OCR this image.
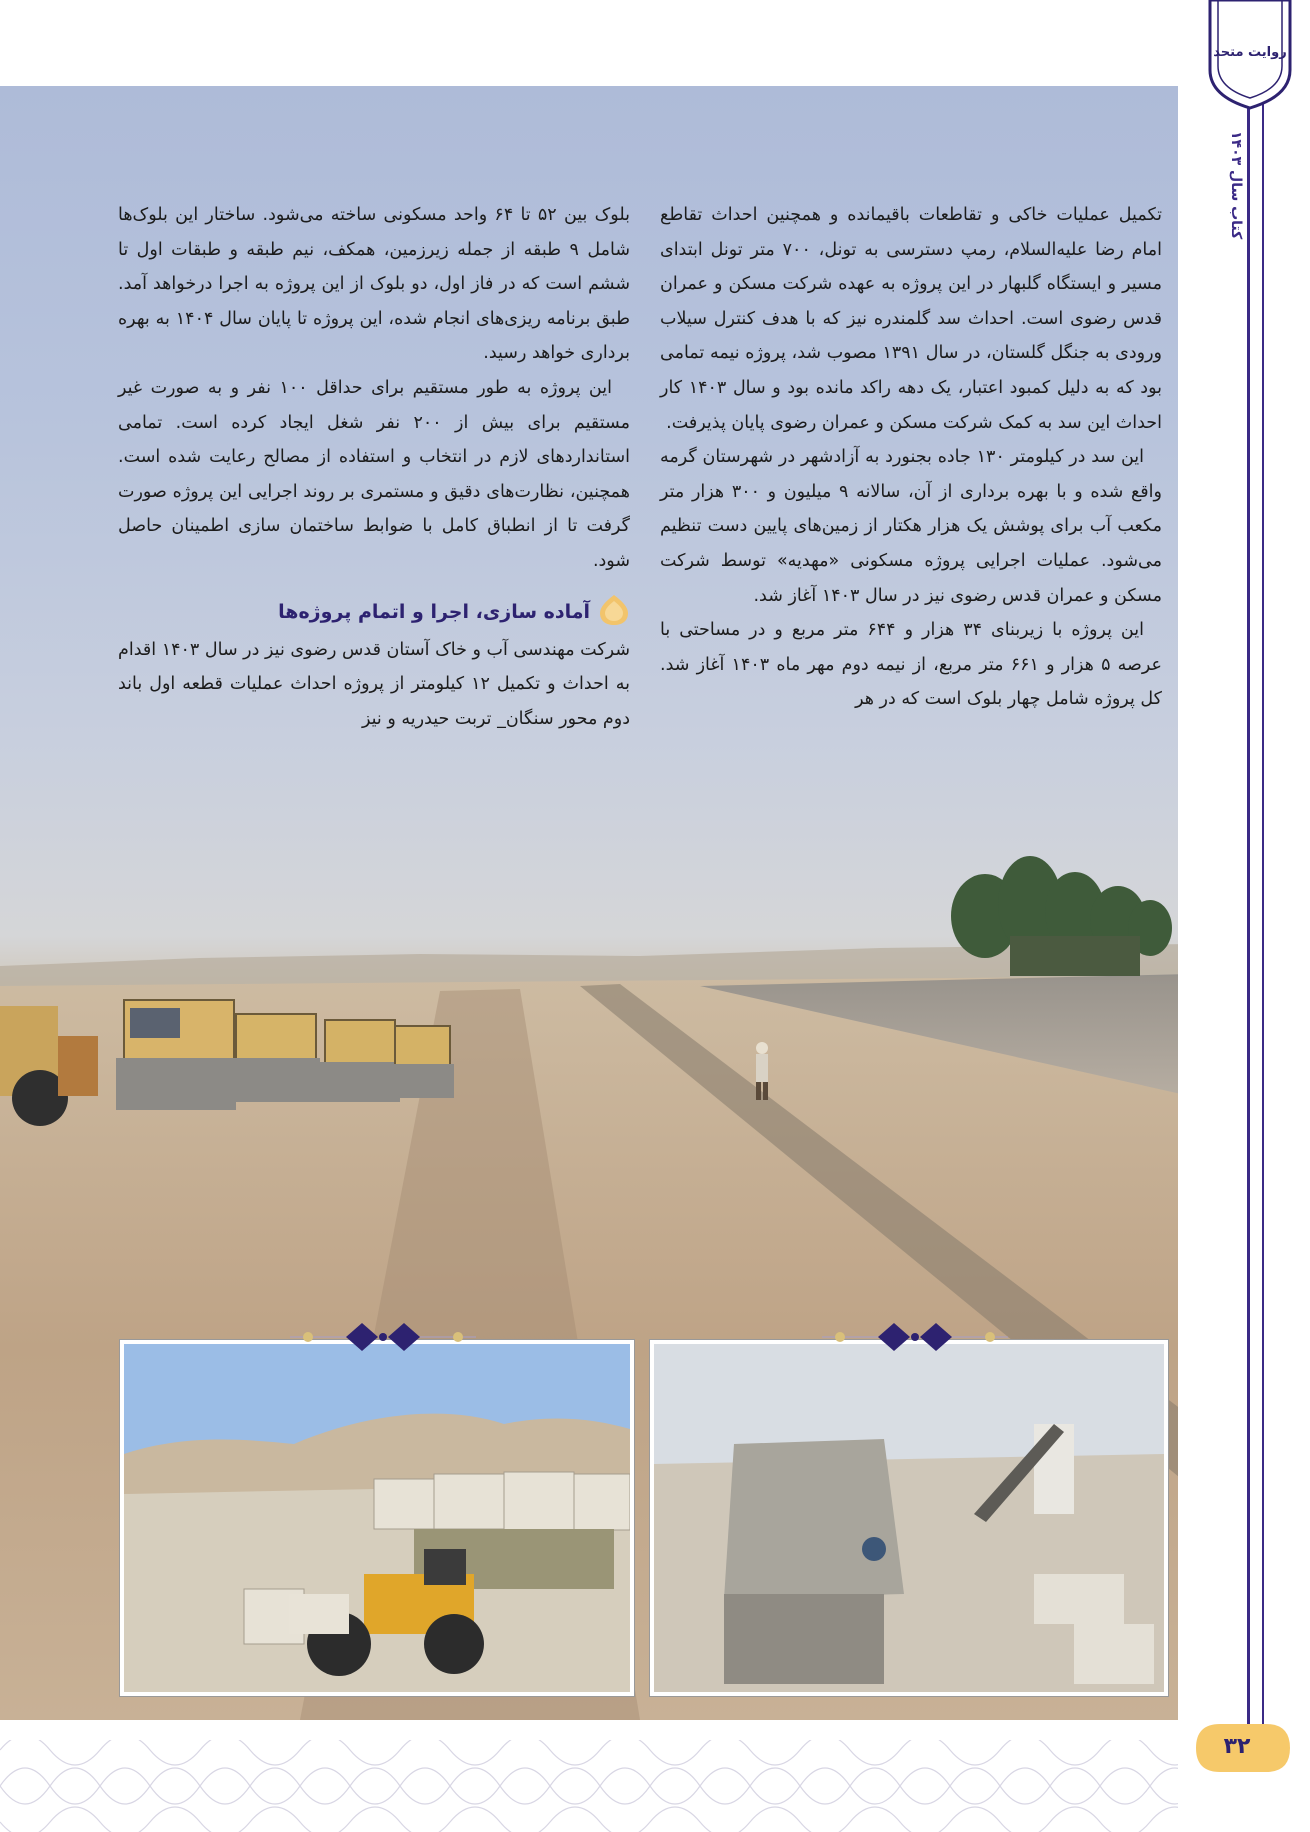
تکمیل عملیات خاکی و تقاطعات باقیمانده و همچنین احداث تقاطع امام رضا علیه‌السلام، رمپ دسترسی به تونل، ۷۰۰ متر تونل ابتدای مسیر و ایستگاه گلبهار در این پروژه به عهده شرکت مسکن و عمران قدس رضوی است. احداث سد گلمندره نیز که با هدف کنترل سیلاب ورودی به جنگل گلستان، در سال ۱۳۹۱ مصوب شد، پروژه نیمه تمامی بود که به دلیل کمبود اعتبار، یک دهه راکد مانده بود و سال ۱۴۰۳ کار احداث این سد به کمک شرکت مسکن و عمران رضوی پایان پذیرفت.

این سد در کیلومتر ۱۳۰ جاده بجنورد به آزادشهر در شهرستان گرمه واقع شده و با بهره برداری از آن، سالانه ۹ میلیون و ۳۰۰ هزار متر مکعب آب برای پوشش یک هزار هکتار از زمین‌های پایین دست تنظیم می‌شود. عملیات اجرایی پروژه مسکونی «مهدیه» توسط شرکت مسکن و عمران قدس رضوی نیز در سال ۱۴۰۳ آغاز شد.

این پروژه با زیربنای ۳۴ هزار و ۶۴۴ متر مربع و در مساحتی با عرصه ۵ هزار و ۶۶۱ متر مربع، از نیمه دوم مهر ماه ۱۴۰۳ آغاز شد. کل پروژه شامل چهار بلوک است که در هر

بلوک بین ۵۲ تا ۶۴ واحد مسکونی ساخته می‌شود. ساختار این بلوک‌ها شامل ۹ طبقه از جمله زیرزمین، همکف، نیم طبقه و طبقات اول تا ششم است که در فاز اول، دو بلوک از این پروژه به اجرا درخواهد آمد. طبق برنامه ریزی‌های انجام شده، این پروژه تا پایان سال ۱۴۰۴ به بهره برداری خواهد رسید.

این پروژه به طور مستقیم برای حداقل ۱۰۰ نفر و به صورت غیر مستقیم برای بیش از ۲۰۰ نفر شغل ایجاد کرده است. تمامی استانداردهای لازم در انتخاب و استفاده از مصالح رعایت شده است. همچنین، نظارت‌های دقیق و مستمری بر روند اجرایی این پروژه صورت گرفت تا از انطباق کامل با ضوابط ساختمان سازی اطمینان حاصل شود.

آماده سازی، اجرا و اتمام پروژه‌ها

شرکت مهندسی آب و خاک آستان قدس رضوی نیز در سال ۱۴۰۳ اقدام به احداث و تکمیل ۱۲ کیلومتر از پروژه احداث عملیات قطعه اول باند دوم محور سنگان_ تربت حیدریه و نیز

روایت متحد
کتاب سال ۱۴۰۳
۳۲
